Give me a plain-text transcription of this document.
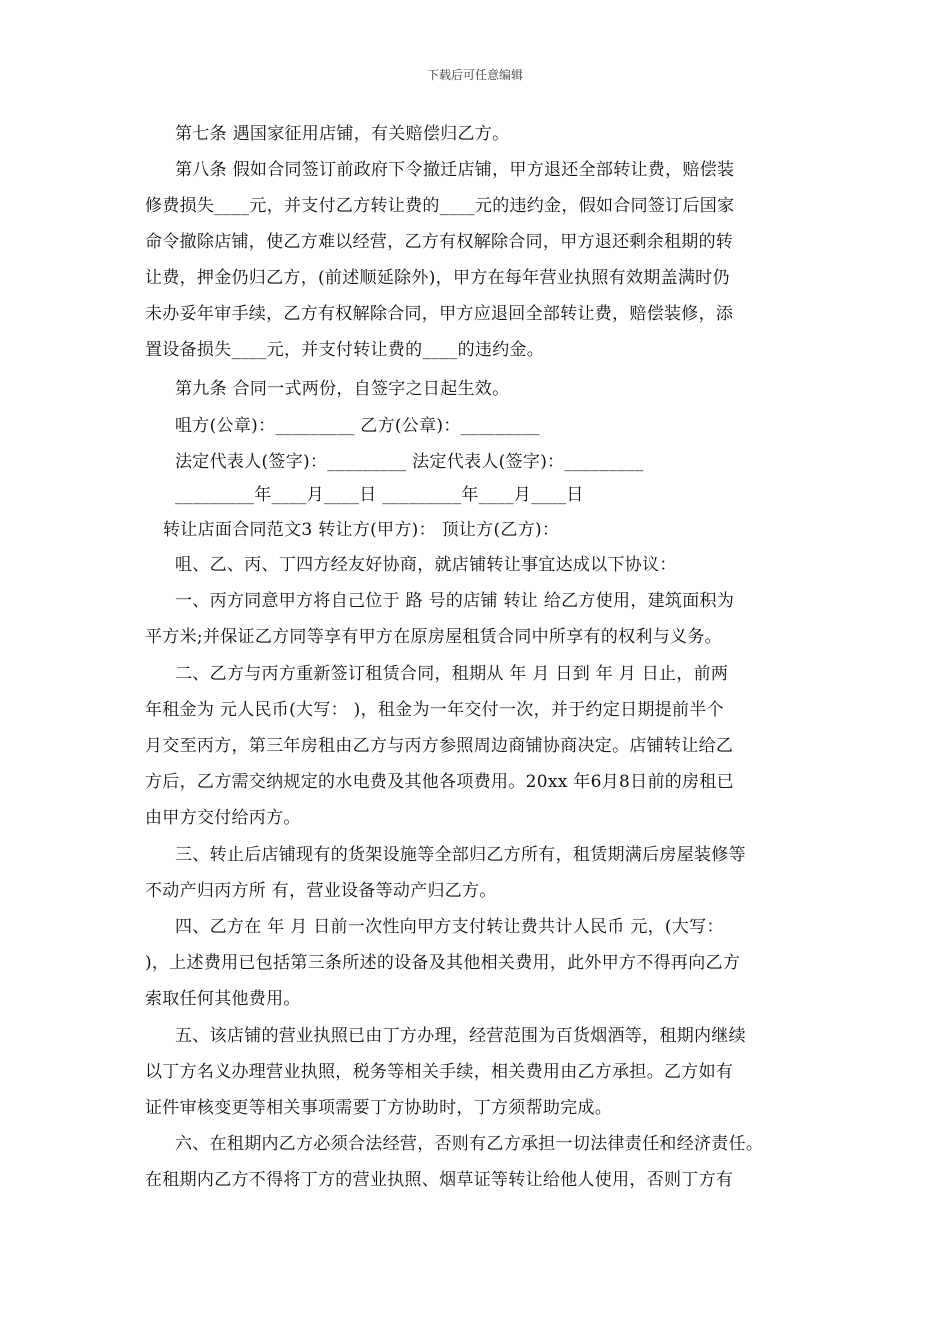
下载后可任意编辑
第七条 遇国家征用店铺，有关赔偿归乙方。
第八条 假如合同签订前政府下令撤迁店铺，甲方退还全部转让费，赔偿装
修费损失____元，并支付乙方转让费的____元的违约金，假如合同签订后国家
命令撤除店铺，使乙方难以经营，乙方有权解除合同，甲方退还剩余租期的转
让费，押金仍归乙方，(前述顺延除外)，甲方在每年营业执照有效期盖满时仍
未办妥年审手续，乙方有权解除合同，甲方应退回全部转让费，赔偿装修，添
置设备损失____元，并支付转让费的____的违约金。
第九条 合同一式两份，自签字之日起生效。
咀方(公章)：_________ 乙方(公章)：_________
法定代表人(签字)：_________ 法定代表人(签字)：_________
_________年____月____日 _________年____月____日
转让店面合同范文3 转让方(甲方)： 顶让方(乙方)：
咀、乙、丙、丁四方经友好协商，就店铺转让事宜达成以下协议：
一、丙方同意甲方将自己位于 路 号的店铺 转让 给乙方使用，建筑面积为
平方米;并保证乙方同等享有甲方在原房屋租赁合同中所享有的权利与义务。
二、乙方与丙方重新签订租赁合同，租期从 年 月 日到 年 月 日止，前两
年租金为 元人民币(大写： )，租金为一年交付一次，并于约定日期提前半个
月交至丙方，第三年房租由乙方与丙方参照周边商铺协商决定。店铺转让给乙
方后，乙方需交纳规定的水电费及其他各项费用。20xx 年6月8日前的房租已
由甲方交付给丙方。
三、转止后店铺现有的货架设施等全部归乙方所有，租赁期满后房屋装修等
不动产归丙方所 有，营业设备等动产归乙方。
四、乙方在 年 月 日前一次性向甲方支付转让费共计人民币 元，(大写：
)，上述费用已包括第三条所述的设备及其他相关费用，此外甲方不得再向乙方
索取任何其他费用。
五、该店铺的营业执照已由丁方办理，经营范围为百货烟酒等，租期内继续
以丁方名义办理营业执照，税务等相关手续，相关费用由乙方承担。乙方如有
证件审核变更等相关事项需要丁方协助时，丁方须帮助完成。
六、在租期内乙方必须合法经营，否则有乙方承担一切法律责任和经济责任。
在租期内乙方不得将丁方的营业执照、烟草证等转让给他人使用，否则丁方有
